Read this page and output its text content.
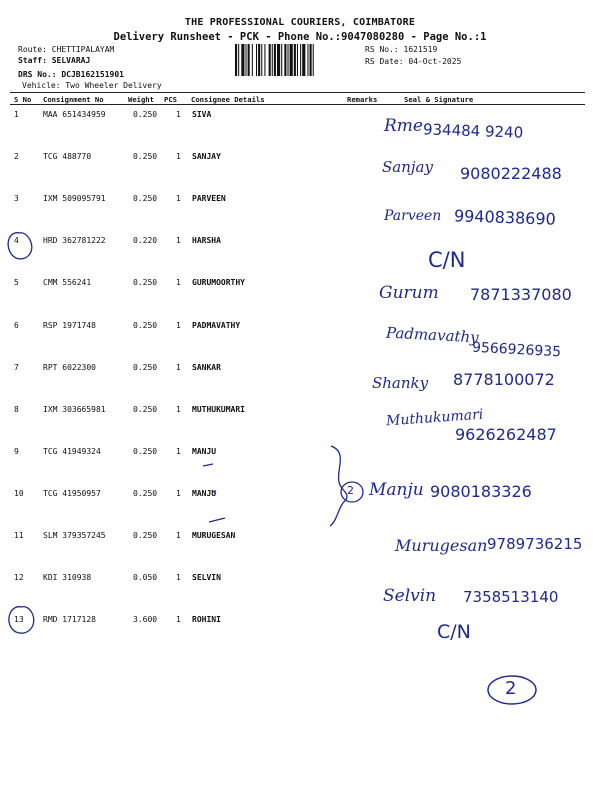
THE PROFESSIONAL COURIERS, COIMBATORE
Delivery Runsheet - PCK - Phone No.:9047080280 - Page No.:1
Route: CHETTIPALAYAM
Staff: SELVARAJ
DRS No.: DCJB162151901
Vehicle: Two Wheeler Delivery
RS No.: 1621519
RS Date: 04-Oct-2025
S No Consignment No	Weight PCS Consignee Details	Remarks	Seal & Signature
1	MAA 651434959	0.250 1 SIVA
2	TCG 488770	0.250 1 SANJAY
3	IXM 509095791	0.250 1 PARVEEN
4	HRD 362781222	0.220 1 HARSHA
5	CMM 556241	0.250 1 GURUMOORTHY
6	RSP 1971748	0.250 1 PADMAVATHY
7	RPT 6022300	0.250 1 SANKAR
8	IXM 303665981	0.250 1 MUTHUKUMARI
9	TCG 41949324	0.250 1 MANJU
10 TCG 41950957	0.250 1 MANJU
11 SLM 379357245	0.250 1 MURUGESAN
12 KDI 310938	0.050 1 SELVIN
13 RMD 1717128	3.600 1 ROHINI
Rme 934484 9240
Sanjay 9080222488
Parveen 9940838690
C/N
Gurum 7871337080
Padmavathy
9566926935
Shanky 8778100072
Muthukumari
9626262487
2 Manju 9080183326
Murugesan 9789736215
Selvin 7358513140
C/N
2
